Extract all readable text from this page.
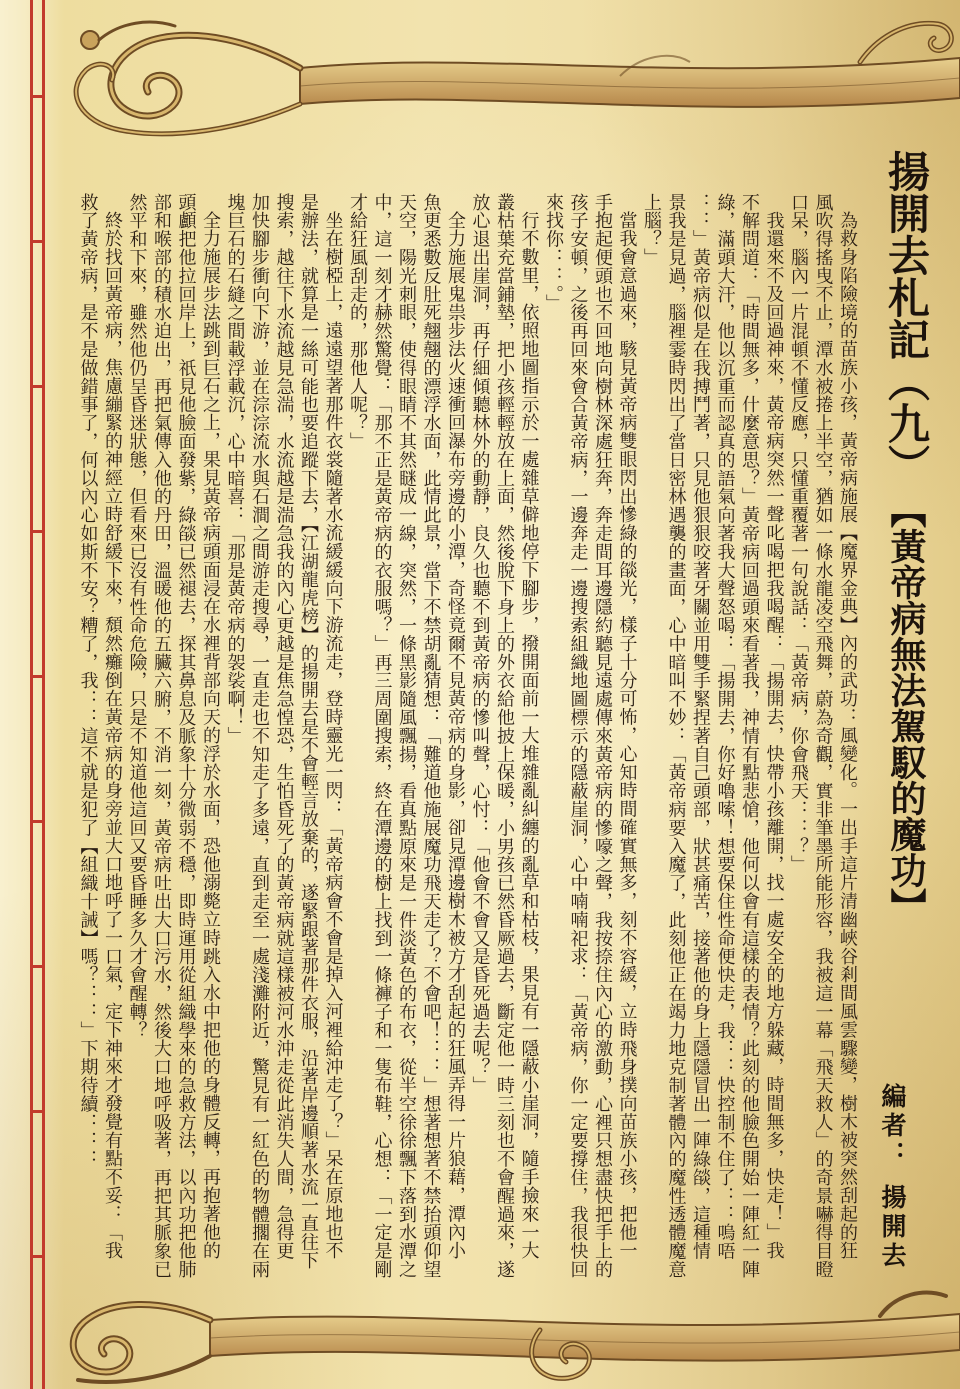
揚開去札記（九）
【黃帝病無法駕馭的魔功】
編者：
揚開去
為救身陷險境的苗族小孩，黃帝病施展【魔界金典】內的武功：風變化。一出手這片清幽峽谷剎間風雲驟變，樹木被突然刮起的狂
風吹得搖曳不止，潭水被捲上半空，猶如一條水龍凌空飛舞，蔚為奇觀，實非筆墨所能形容，我被這一幕「飛天救人」的奇景嚇得目瞪
口呆，腦內一片混頓不懂反應，只懂重覆著一句說話：「黃帝病，你會飛天：：？」
我還來不及回過神來，黃帝病突然一聲叱喝把我喝醒：「揚開去，快帶小孩離開，找一處安全的地方躲藏，時間無多，快走！」我
不解問道：「時間無多，什麼意思？」黃帝病回過頭來看著我，神情有點悲愴，他何以會有這樣的表情？此刻的他臉色開始一陣紅一陣
綠，滿頭大汗，他以沉重而認真的語氣向著我大聲怒喝：「揚開去，你好嚕嗦！想要保住性命便快走，我：：快控制不住了：：嗚唔
：：」黃帝病似是在我搏鬥著，只見他狠狠咬著牙關並用雙手緊捏著自己頭部，狀甚痛苦，接著他的身上隱隱冒出一陣綠燄，這種情
景我是見過，腦裡霎時閃出了當日密林遇襲的畫面，心中暗叫不妙：「黃帝病要入魔了，此刻他正在竭力地克制著體內的魔性透體魔意
上腦？」
當我會意過來，駭見黃帝病雙眼閃出慘綠的燄光，樣子十分可怖，心知時間確實無多，刻不容緩，立時飛身撲向苗族小孩，把他一
手抱起便頭也不回地向樹林深處狂奔，奔走間耳邊隱約聽見遠處傳來黃帝病的慘嚎之聲，我按捺住內心的激動，心裡只想盡快把手上的
孩子安頓，之後再回來會合黃帝病，一邊奔走一邊搜索組織地圖標示的隱蔽崖洞，心中喃喃祀求：「黃帝病，你一定要撐住，我很快回
來找你：：。」
行不數里，依照地圖指示於一處雜草僻地停下腳步，撥開面前一大堆雜亂糾纏的亂草和枯枝，果見有一隱蔽小崖洞，隨手撿來一大
叢枯葉充當鋪墊，把小孩輕輕放在上面，然後脫下身上的外衣給他披上保暖，小男孩已然昏厥過去，斷定他一時三刻也不會醒過來，遂
放心退出崖洞，再仔細傾聽林外的動靜，良久也聽不到黃帝病的慘叫聲，心忖：「他會不會又是昏死過去呢？」
全力施展鬼祟步法火速衝回瀑布旁邊的小潭，奇怪竟爾不見黃帝病的身影，卻見潭邊樹木被方才刮起的狂風弄得一片狼藉，潭內小
魚更悉數反肚死翹翹的漂浮水面，此情此景，當下不禁胡亂猜想：「難道他施展魔功飛天走了？不會吧！：：」想著想著不禁抬頭仰望
天空，陽光刺眼，使得眼睛不其然瞇成一線，突然，一條黑影隨風飄揚，看真點原來是一件淡黃色的布衣，從半空徐徐飄下落到水潭之
中，這一刻才赫然驚覺：「那不正是黃帝病的衣服嗎？」再三周圍搜索，終在潭邊的樹上找到一條褲子和一隻布鞋，心想：「一定是剛
才給狂風刮走的，那他人呢？」
坐在樹椏上，遠遠望著那件衣裳隨著水流緩緩向下游流走，登時靈光一閃：「黃帝病會不會是掉入河裡給沖走了？」呆在原地也不
是辦法，就算是一絲可能也要追蹤下去，【江湖龍虎榜】的揚開去是不會輕言放棄的，遂緊跟著那件衣服，沿著岸邊順著水流一直往下
搜索，越往下水流越見急湍，水流越是湍急我的內心更越是焦急惶恐，生怕昏死了的黃帝病就這樣被河水沖走從此消失人間，急得更
加快腳步衝向下游，並在淙淙流水與石澗之間游走搜尋，一直走也不知走了多遠，直到走至一處淺灘附近，驚見有一紅色的物體擱在兩
塊巨石的石縫之間載浮載沉，心中暗喜：「那是黃帝病的袈裟啊！」
全力施展步法跳到巨石之上，果見黃帝病頭面浸在水裡背部向天的浮於水面，恐他溺斃立時跳入水中把他的身體反轉，再抱著他的
頭顱把他拉回岸上，祇見他臉面發紫，綠燄已然褪去，探其鼻息及脈象十分微弱不穩，即時運用從組織學來的急救方法，以內功把他肺
部和喉部的積水迫出，再把氣傳入他的丹田，溫暖他的五臟六腑，不消一刻，黃帝病吐出大口污水，然後大口地呼吸著，再把其脈象已
然平和下來，雖然他仍呈昏迷狀態，但看來已沒有性命危險，只是不知道他這回又要昏睡多久才會醒轉？
終於找回黃帝病，焦慮繃緊的神經立時舒緩下來，頹然癱倒在黃帝病的身旁並大口地呼了一口氣，定下神來才發覺有點不妥：「我
救了黃帝病，是不是做錯事了，何以內心如斯不安？糟了，我：：這不就是犯了【組織十誡】嗎？：：」下期待續：：：
